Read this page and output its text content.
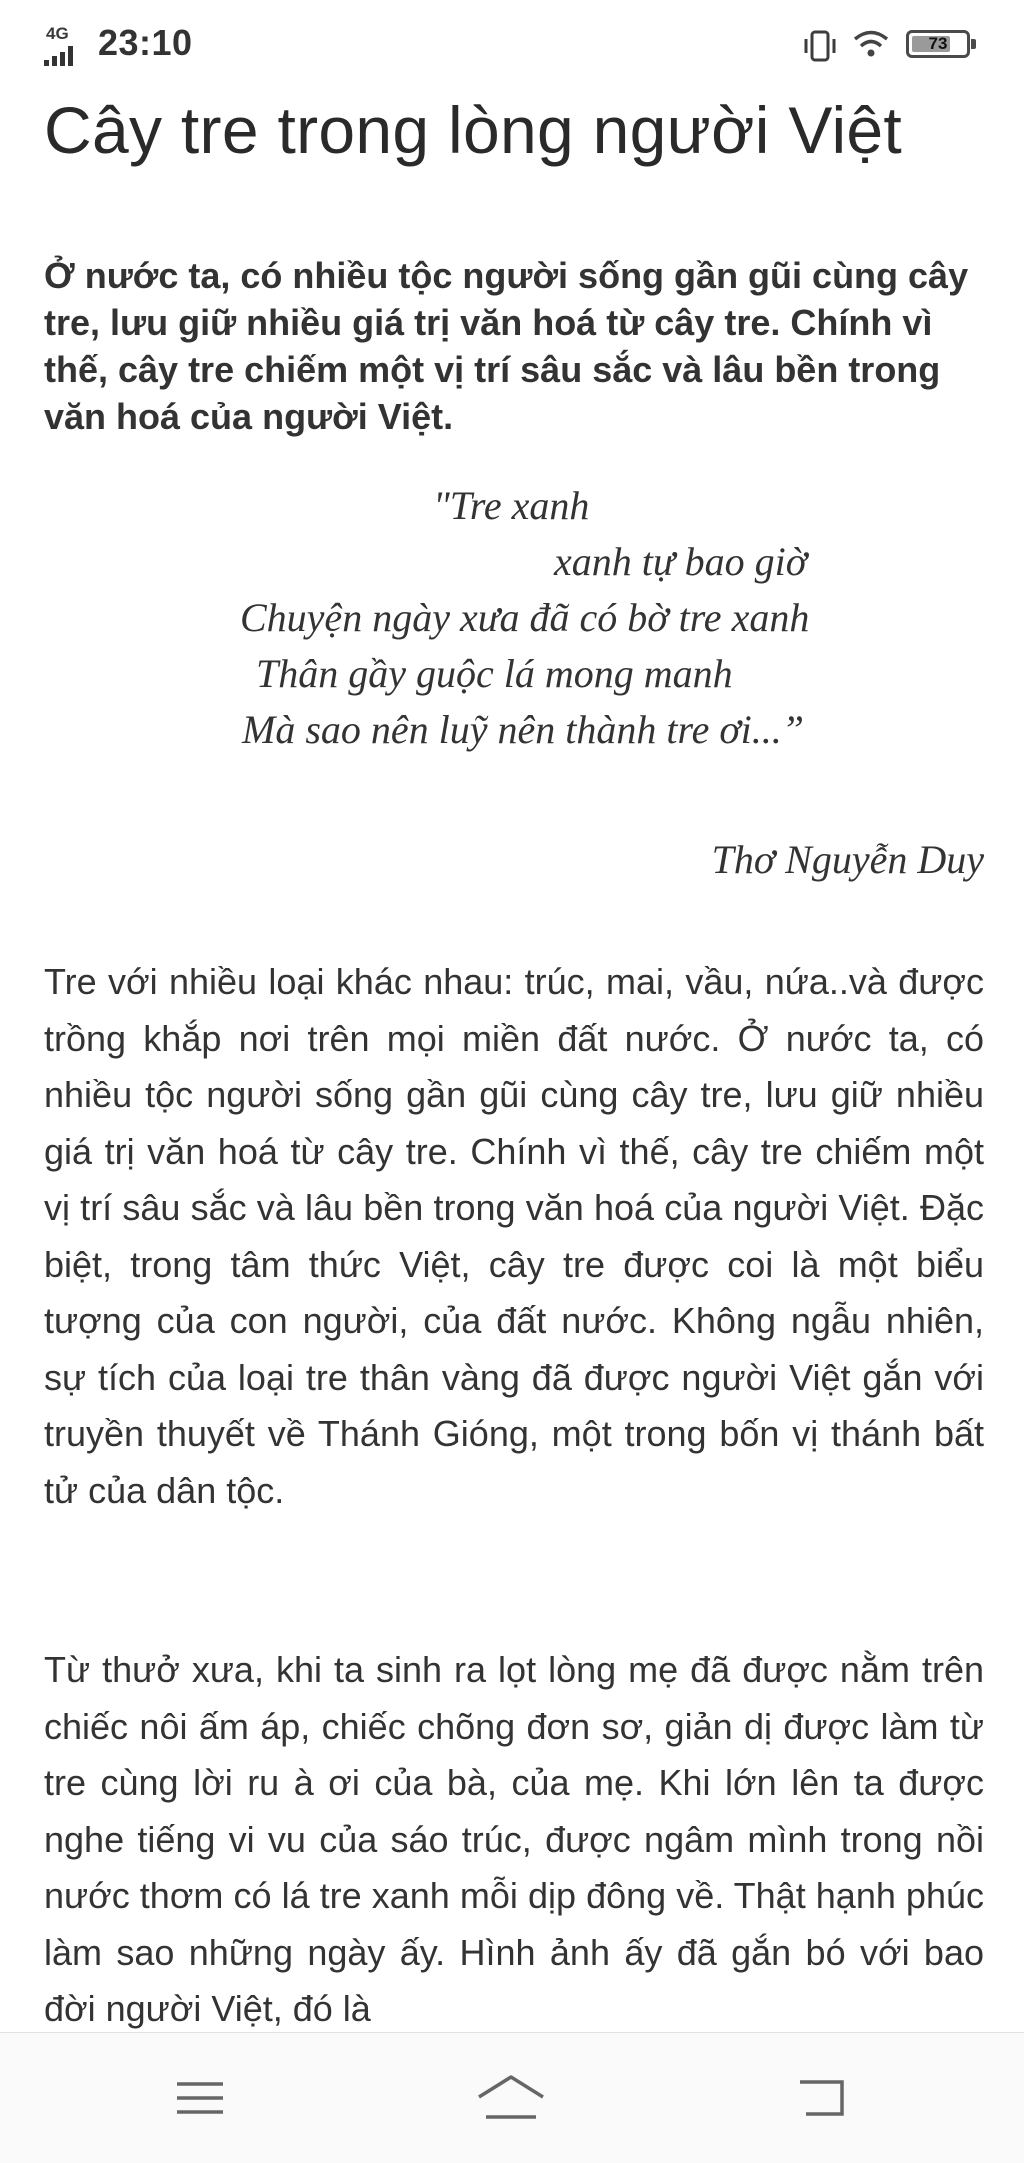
4G 23:10	73
Cây tre trong lòng người Việt

Ở nước ta, có nhiều tộc người sống gần gũi cùng cây tre, lưu giữ nhiều giá trị văn hoá từ cây tre. Chính vì thế, cây tre chiếm một vị trí sâu sắc và lâu bền trong văn hoá của người Việt.

"Tre xanh
xanh tự bao giờ
Chuyện ngày xưa đã có bờ tre xanh
Thân gầy guộc lá mong manh
Mà sao nên luỹ nên thành tre ơi...”
Thơ Nguyễn Duy

Tre với nhiều loại khác nhau: trúc, mai, vầu, nứa..và được trồng khắp nơi trên mọi miền đất nước. Ở nước ta, có nhiều tộc người sống gần gũi cùng cây tre, lưu giữ nhiều giá trị văn hoá từ cây tre. Chính vì thế, cây tre chiếm một vị trí sâu sắc và lâu bền trong văn hoá của người Việt. Đặc biệt, trong tâm thức Việt, cây tre được coi là một biểu tượng của con người, của đất nước. Không ngẫu nhiên, sự tích của loại tre thân vàng đã được người Việt gắn với truyền thuyết về Thánh Gióng, một trong bốn vị thánh bất tử của dân tộc.

Từ thưở xưa, khi ta sinh ra lọt lòng mẹ đã được nằm trên chiếc nôi ấm áp, chiếc chõng đơn sơ, giản dị được làm từ tre cùng lời ru à ơi của bà, của mẹ. Khi lớn lên ta được nghe tiếng vi vu của sáo trúc, được ngâm mình trong nồi nước thơm có lá tre xanh mỗi dịp đông về. Thật hạnh phúc làm sao những ngày ấy. Hình ảnh ấy đã gắn bó với bao đời người Việt, đó là
